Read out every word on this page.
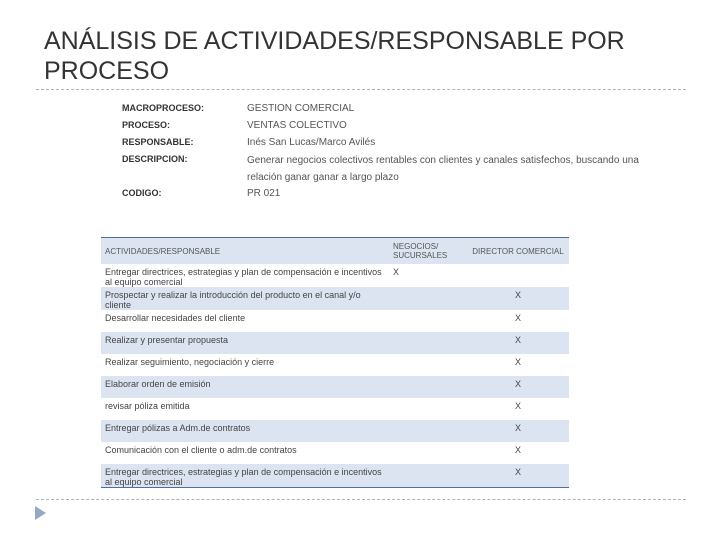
ANÁLISIS DE ACTIVIDADES/RESPONSABLE POR PROCESO
MACROPROCESO:	GESTION COMERCIAL
PROCESO:	VENTAS COLECTIVO
RESPONSABLE:	Inés San Lucas/Marco Avilés
DESCRIPCION:	Generar negocios colectivos rentables con clientes y canales satisfechos, buscando una relación ganar ganar a largo plazo
CODIGO:	PR 021
ACTIVIDADES/RESPONSABLE	NEGOCIOS/ SUCURSALES	DIRECTOR COMERCIAL
Entregar directrices, estrategias y plan de compensación e incentivos al equipo comercial	X	
Prospectar y realizar la introducción del producto en el canal y/o cliente		X
Desarrollar necesidades del cliente		X
Realizar y presentar propuesta		X
Realizar seguimiento, negociación y cierre		X
Elaborar orden de emisión		X
revisar póliza emitida		X
Entregar pólizas a Adm.de contratos		X
Comunicación con el cliente o adm.de contratos		X
Entregar directrices, estrategias y plan de compensación e incentivos al equipo comercial		X
